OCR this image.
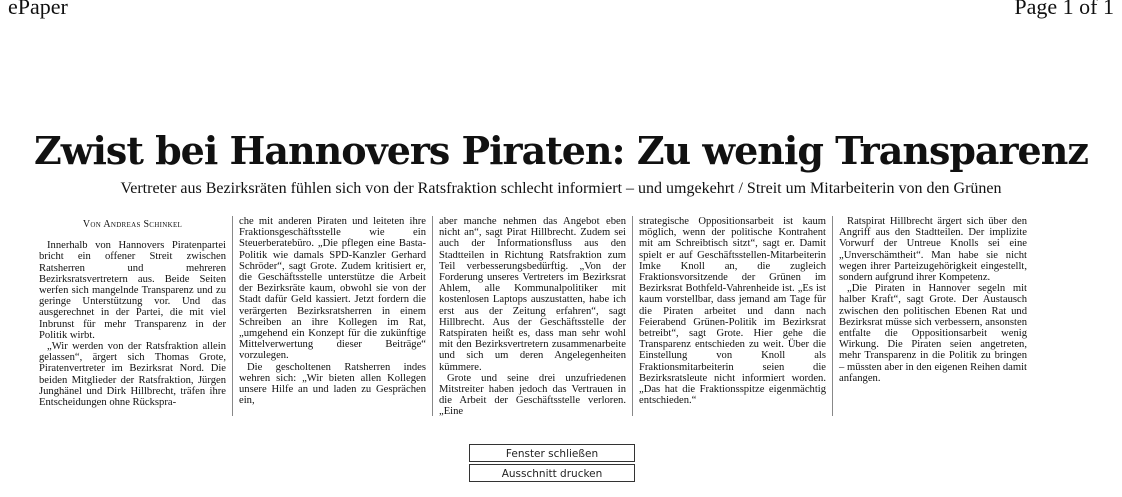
ePaper	Page 1 of 1
Zwist bei Hannovers Piraten: Zu wenig Transparenz
Vertreter aus Bezirksräten fühlen sich von der Ratsfraktion schlecht informiert – und umgekehrt / Streit um Mitarbeiterin von den Grünen
Von Andreas Schinkel

Innerhalb von Hannovers Piratenpartei bricht ein offener Streit zwischen Ratsherren und mehreren Bezirksratsvertretern aus. Beide Seiten werfen sich mangelnde Transparenz und zu geringe Unterstützung vor. Und das ausgerechnet in der Partei, die mit viel Inbrunst für mehr Transparenz in der Politik wirbt.

„Wir werden von der Ratsfraktion allein gelassen“, ärgert sich Thomas Grote, Piratenvertreter im Bezirksrat Nord. Die beiden Mitglieder der Ratsfraktion, Jürgen Junghänel und Dirk Hillbrecht, träfen ihre Entscheidungen ohne Rückspra-

che mit anderen Piraten und leiteten ihre Fraktionsgeschäftsstelle wie ein Steuerberatebüro. „Die pflegen eine Basta-Politik wie damals SPD-Kanzler Gerhard Schröder“, sagt Grote. Zudem kritisiert er, die Geschäftsstelle unterstütze die Arbeit der Bezirksräte kaum, obwohl sie von der Stadt dafür Geld kassiert. Jetzt fordern die verärgerten Bezirksratsherren in einem Schreiben an ihre Kollegen im Rat, „umgehend ein Konzept für die zukünftige Mittelverwertung dieser Beiträge“ vorzulegen.

Die gescholtenen Ratsherren indes wehren sich: „Wir bieten allen Kollegen unsere Hilfe an und laden zu Gesprächen ein,

aber manche nehmen das Angebot eben nicht an“, sagt Pirat Hillbrecht. Zudem sei auch der Informationsfluss aus den Stadtteilen in Richtung Ratsfraktion zum Teil verbesserungsbedürftig. „Von der Forderung unseres Vertreters im Bezirksrat Ahlem, alle Kommunalpolitiker mit kostenlosen Laptops auszustatten, habe ich erst aus der Zeitung erfahren“, sagt Hillbrecht. Aus der Geschäftsstelle der Ratspiraten heißt es, dass man sehr wohl mit den Bezirksvertretern zusammenarbeite und sich um deren Angelegenheiten kümmere.

Grote und seine drei unzufriedenen Mitstreiter haben jedoch das Vertrauen in die Arbeit der Geschäftsstelle verloren. „Eine

strategische Oppositionsarbeit ist kaum möglich, wenn der politische Kontrahent mit am Schreibtisch sitzt“, sagt er. Damit spielt er auf Geschäftsstellen-Mitarbeiterin Imke Knoll an, die zugleich Fraktionsvorsitzende der Grünen im Bezirksrat Bothfeld-Vahrenheide ist. „Es ist kaum vorstellbar, dass jemand am Tage für die Piraten arbeitet und dann nach Feierabend Grünen-Politik im Bezirksrat betreibt“, sagt Grote. Hier gehe die Transparenz entschieden zu weit. Über die Einstellung von Knoll als Fraktionsmitarbeiterin seien die Bezirksratsleute nicht informiert worden. „Das hat die Fraktionsspitze eigenmächtig entschieden.“

Ratspirat Hillbrecht ärgert sich über den Angriff aus den Stadtteilen. Der implizite Vorwurf der Untreue Knolls sei eine „Unverschämtheit“. Man habe sie nicht wegen ihrer Parteizugehörigkeit eingestellt, sondern aufgrund ihrer Kompetenz.

„Die Piraten in Hannover segeln mit halber Kraft“, sagt Grote. Der Austausch zwischen den politischen Ebenen Rat und Bezirksrat müsse sich verbessern, ansonsten entfalte die Oppositionsarbeit wenig Wirkung. Die Piraten seien angetreten, mehr Transparenz in die Politik zu bringen – müssten aber in den eigenen Reihen damit anfangen.

Fenster schließen
Ausschnitt drucken
